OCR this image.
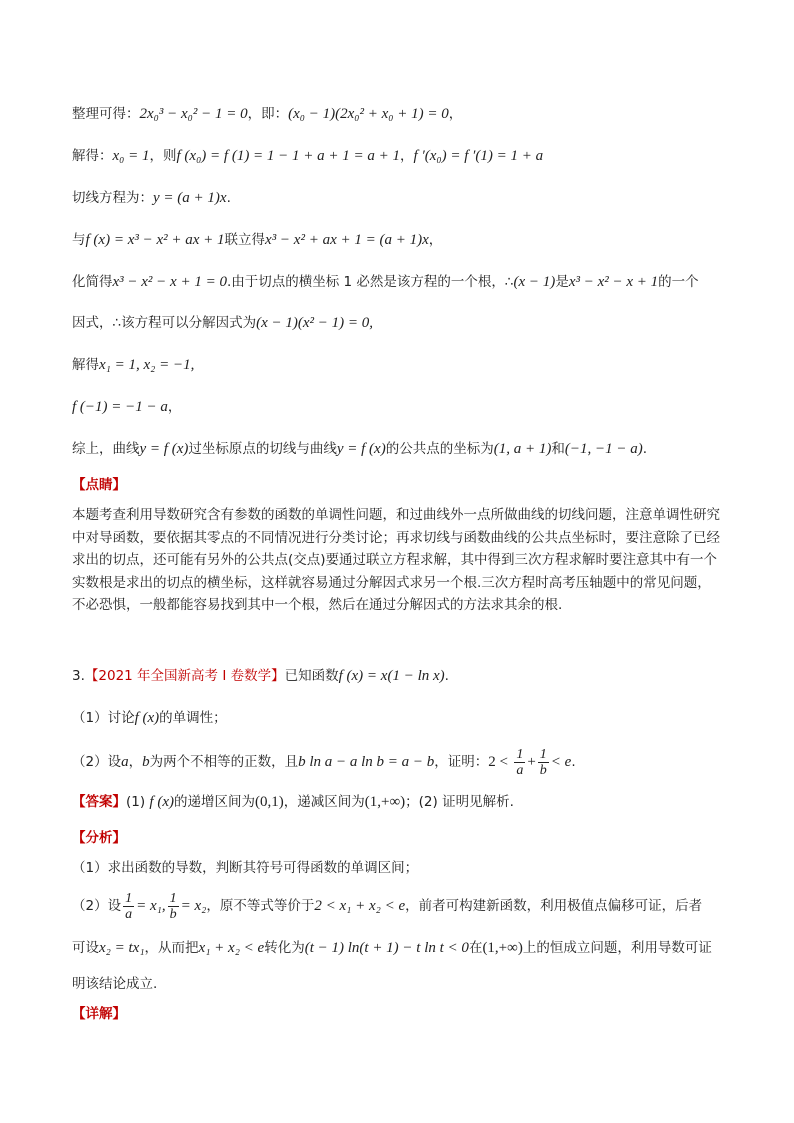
整理可得：2x₀³ − x₀² − 1 = 0，即：(x₀ − 1)(2x₀² + x₀ + 1) = 0，
解得：x₀ = 1，则f (x₀) = f (1) = 1 − 1 + a + 1 = a + 1，f ′(x₀) = f ′(1) = 1 + a
切线方程为：y = (a + 1)x.
与f (x) = x³ − x² + ax + 1联立得x³ − x² + ax + 1 = (a + 1)x，
化简得x³ − x² − x + 1 = 0.由于切点的横坐标 1 必然是该方程的一个根，∴(x − 1)是x³ − x² − x + 1的一个
因式，∴该方程可以分解因式为(x − 1)(x² − 1) = 0,
解得x₁ = 1, x₂ = −1,
f (−1) = −1 − a，
综上，曲线y = f (x)过坐标原点的切线与曲线y = f (x)的公共点的坐标为(1, a + 1)和(−1, −1 − a).
【点睛】
本题考查利用导数研究含有参数的函数的单调性问题，和过曲线外一点所做曲线的切线问题，注意单调性研究中对导函数，要依据其零点的不同情况进行分类讨论；再求切线与函数曲线的公共点坐标时，要注意除了已经求出的切点，还可能有另外的公共点(交点)要通过联立方程求解，其中得到三次方程求解时要注意其中有一个实数根是求出的切点的横坐标，这样就容易通过分解因式求另一个根.三次方程时高考压轴题中的常见问题，不必恐惧，一般都能容易找到其中一个根，然后在通过分解因式的方法求其余的根.
3.【2021 年全国新高考 I 卷数学】已知函数f (x) = x(1 − ln x).
（1）讨论f (x)的单调性；
（2）设a，b为两个不相等的正数，且b ln a − a ln b = a − b，证明：$2 < \frac{1}{a} + \frac{1}{b} < e$.
【答案】(1) f (x)的递增区间为(0,1)，递减区间为(1,+∞)；(2) 证明见解析.
【分析】
（1）求出函数的导数，判断其符号可得函数的单调区间；
（2）设 $\frac{1}{a} = x_1$, $\frac{1}{b} = x_2$，原不等式等价于2 < x₁ + x₂ < e，前者可构建新函数，利用极值点偏移可证，后者
可设x₂ = tx₁，从而把x₁ + x₂ < e转化为(t − 1) ln(t + 1) − t ln t < 0在(1,+∞)上的恒成立问题，利用导数可证
明该结论成立.
【详解】
